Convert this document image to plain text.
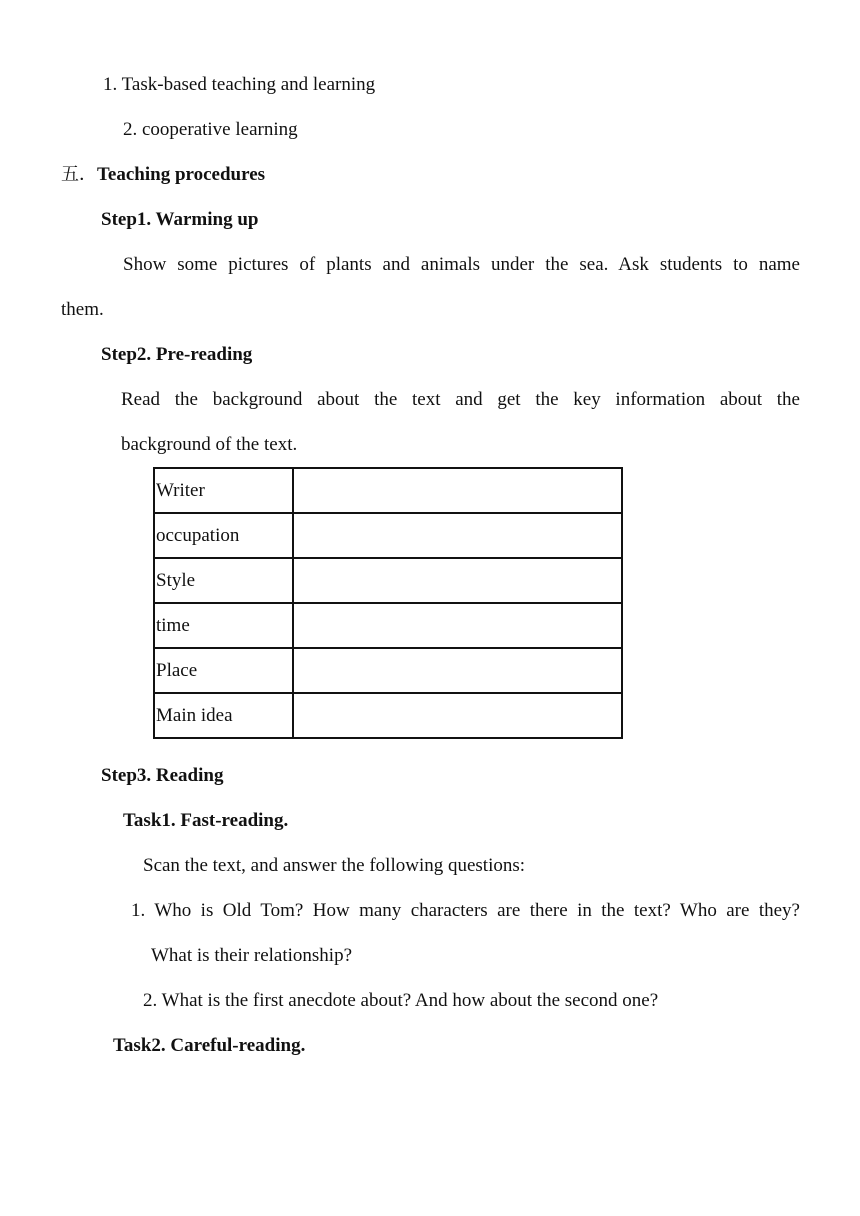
1. Task-based teaching and learning
2. cooperative learning
五．Teaching procedures
Step1. Warming up
Show some pictures of plants and animals under the sea. Ask students to name
them.
Step2. Pre-reading
Read the background about the text and get the key information about the
background of the text.
Writer	
occupation	
Style	
time	
Place	
Main idea	
Step3. Reading
Task1. Fast-reading.
Scan the text, and answer the following questions:
1. Who is Old Tom? How many characters are there in the text? Who are they?
What is their relationship?
2. What is the first anecdote about? And how about the second one?
Task2. Careful-reading.
